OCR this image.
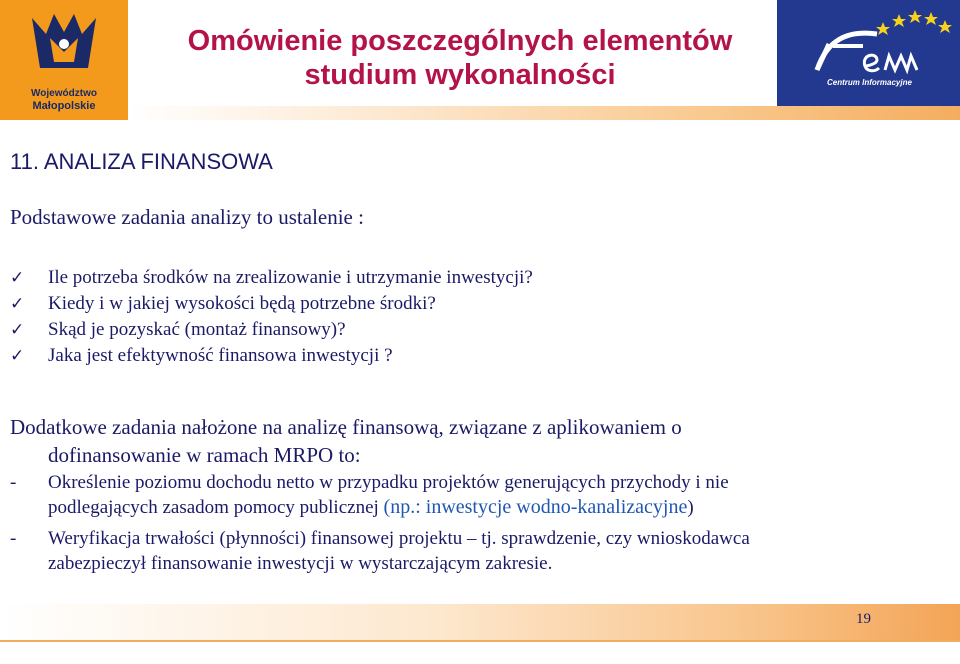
Województwo
Małopolskie
Omówienie poszczególnych elementów
studium wykonalności	Centrum Informacyjne
11. ANALIZA FINANSOWA
Podstawowe zadania analizy to ustalenie :
✓	Ile potrzeba środków na zrealizowanie i utrzymanie inwestycji?
✓	Kiedy i w jakiej wysokości będą potrzebne środki?
✓	Skąd je pozyskać (montaż finansowy)?
✓	Jaka jest efektywność finansowa inwestycji ?
Dodatkowe zadania nałożone na analizę finansową, związane z aplikowaniem o
dofinansowanie w ramach MRPO to:
- Określenie poziomu dochodu netto w przypadku projektów generujących przychody i nie
podlegających zasadom pomocy publicznej (np.: inwestycje wodno-kanalizacyjne)
- Weryfikacja trwałości (płynności) finansowej projektu – tj. sprawdzenie, czy wnioskodawca
zabezpieczył finansowanie inwestycji w wystarczającym zakresie.
19
